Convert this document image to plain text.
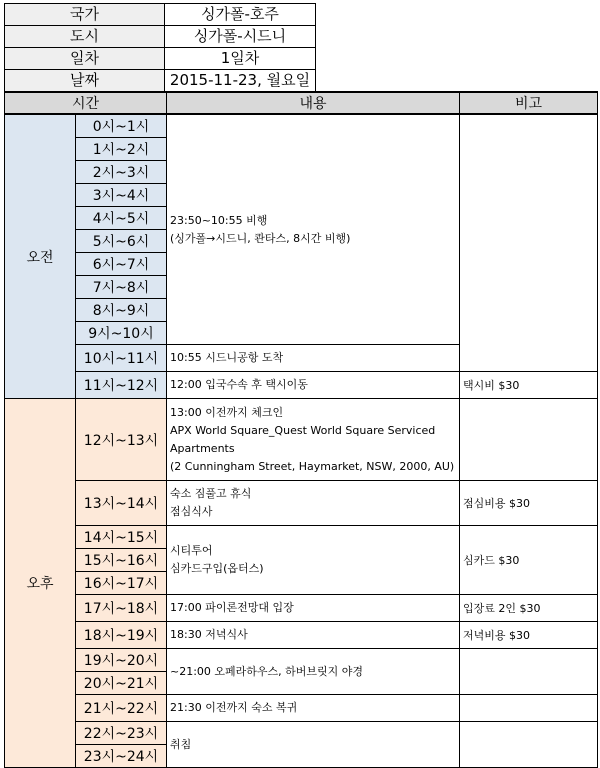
국가	싱가폴-호주
도시	싱가폴-시드니
일차	1일차
날짜	2015-11-23, 월요일
시간		내용	비고
오전	0시~1시	23:50~10:55 비행
(싱가폴→시드니, 콴타스, 8시간 비행)	

	1시~2시		
	2시~3시		
	3시~4시		
	4시~5시		
	5시~6시		
	6시~7시		
	7시~8시		
	8시~9시		
	9시~10시		
	10시~11시	10:55 시드니공항 도착	
	11시~12시	12:00 입국수속 후 택시이동	택시비 $30
오후	12시~13시	13:00 이전까지 체크인
APX World Square_Quest World Square Serviced Apartments
(2 Cunningham Street, Haymarket, NSW, 2000, AU)	

	13시~14시	숙소 짐풀고 휴식
점심식사	점심비용 $30
	14시~15시	시티투어
심카드구입(옵터스)	심카드 $30
	15시~16시		
	16시~17시		
	17시~18시	17:00 파이론전망대 입장	입장료 2인 $30
	18시~19시	18:30 저녁식사	저녁비용 $30
	19시~20시	~21:00 오페라하우스, 하버브릿지 야경	
	20시~21시		
	21시~22시	21:30 이전까지 숙소 복귀	
	22시~23시	취침	
	23시~24시		
